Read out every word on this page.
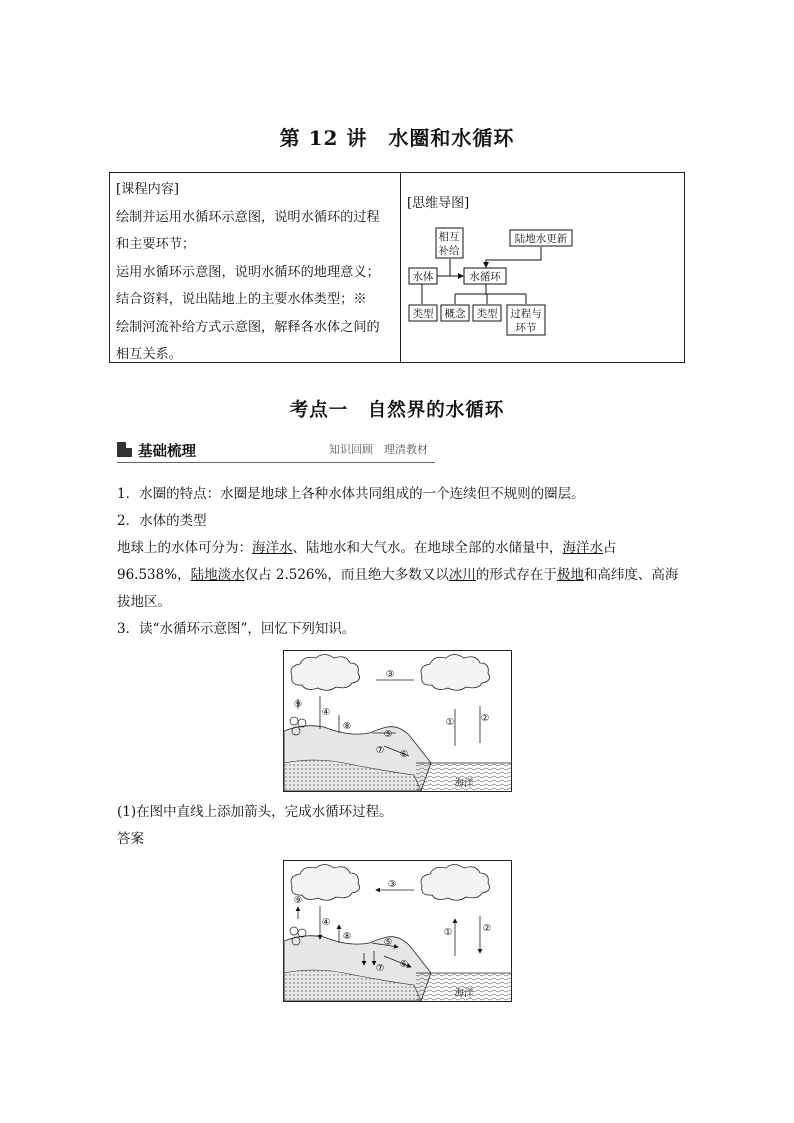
第 12 讲　水圈和水循环
[课程内容]
绘制并运用水循环示意图，说明水循环的过程
和主要环节；
运用水循环示意图，说明水循环的地理意义；
结合资料，说出陆地上的主要水体类型；※
绘制河流补给方式示意图，解释各水体之间的
相互关系。
[思维导图]
相互
补给
陆地水更新
水体	水循环
类型 概念 类型 过程与
环节
考点一　自然界的水循环
基础梳理	知识回顾　理清教材
1．水圈的特点：水圈是地球上各种水体共同组成的一个连续但不规则的圈层。
2．水体的类型
地球上的水体可分为：海洋水、陆地水和大气水。在地球全部的水储量中，海洋水占
96.538%，陆地淡水仅占 2.526%，而且绝大多数又以冰川的形式存在于极地和高纬度、高海
拔地区。
3．读“水循环示意图”，回忆下列知识。
③
①	②
④
⑤
⑥
⑦
⑧
⑨
海洋
(1)在图中直线上添加箭头，完成水循环过程。
答案
③
①	②
④
⑤
⑥
⑦
⑧
⑨
海洋
